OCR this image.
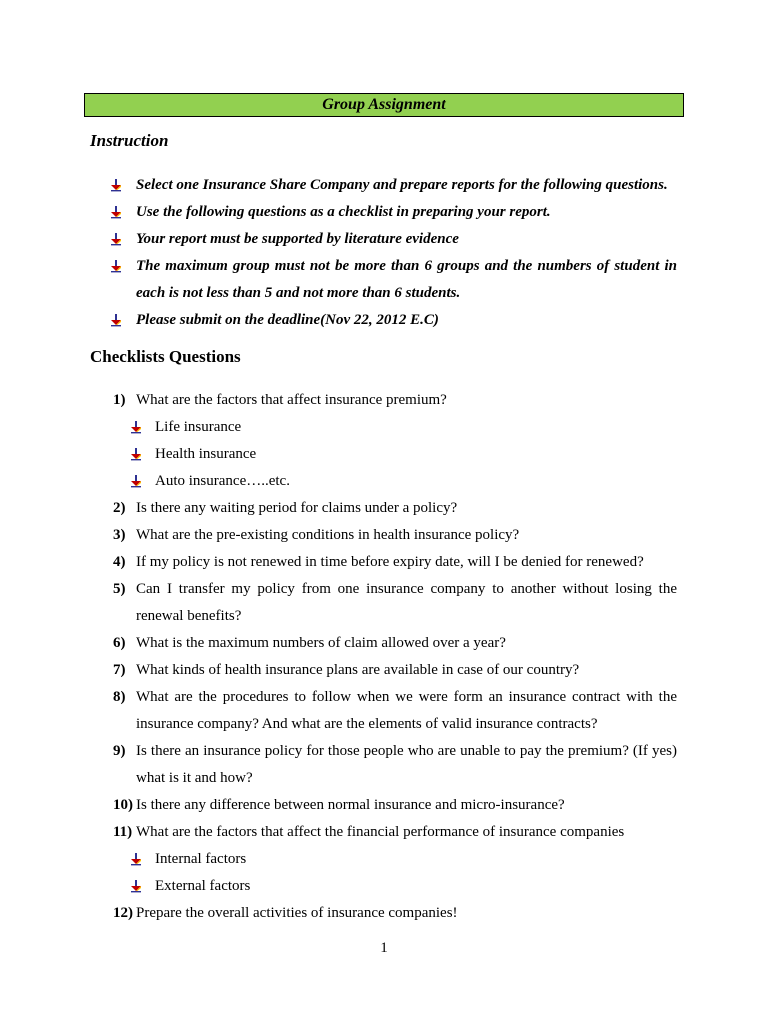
Group Assignment
Instruction
Select one Insurance Share Company and prepare reports for the following questions.
Use the following questions as a checklist in preparing your report.
Your report must be supported by literature evidence
The maximum group must not be more than 6 groups and the numbers of student in each is not less than 5 and not more than 6 students.
Please submit on the deadline(Nov 22, 2012 E.C)
Checklists Questions
1) What are the factors that affect insurance premium?
Life insurance
Health insurance
Auto insurance…..etc.
2) Is there any waiting period for claims under a policy?
3) What are the pre-existing conditions in health insurance policy?
4) If my policy is not renewed in time before expiry date, will I be denied for renewed?
5) Can I transfer my policy from one insurance company to another without losing the renewal benefits?
6) What is the maximum numbers of claim allowed over a year?
7) What kinds of health insurance plans are available in case of our country?
8) What are the procedures to follow when we were form an insurance contract with the insurance company? And what are the elements of valid insurance contracts?
9) Is there an insurance policy for those people who are unable to pay the premium? (If yes) what is it and how?
10) Is there any difference between normal insurance and micro-insurance?
11) What are the factors that affect the financial performance of insurance companies
Internal factors
External factors
12) Prepare the overall activities of insurance companies!
1
